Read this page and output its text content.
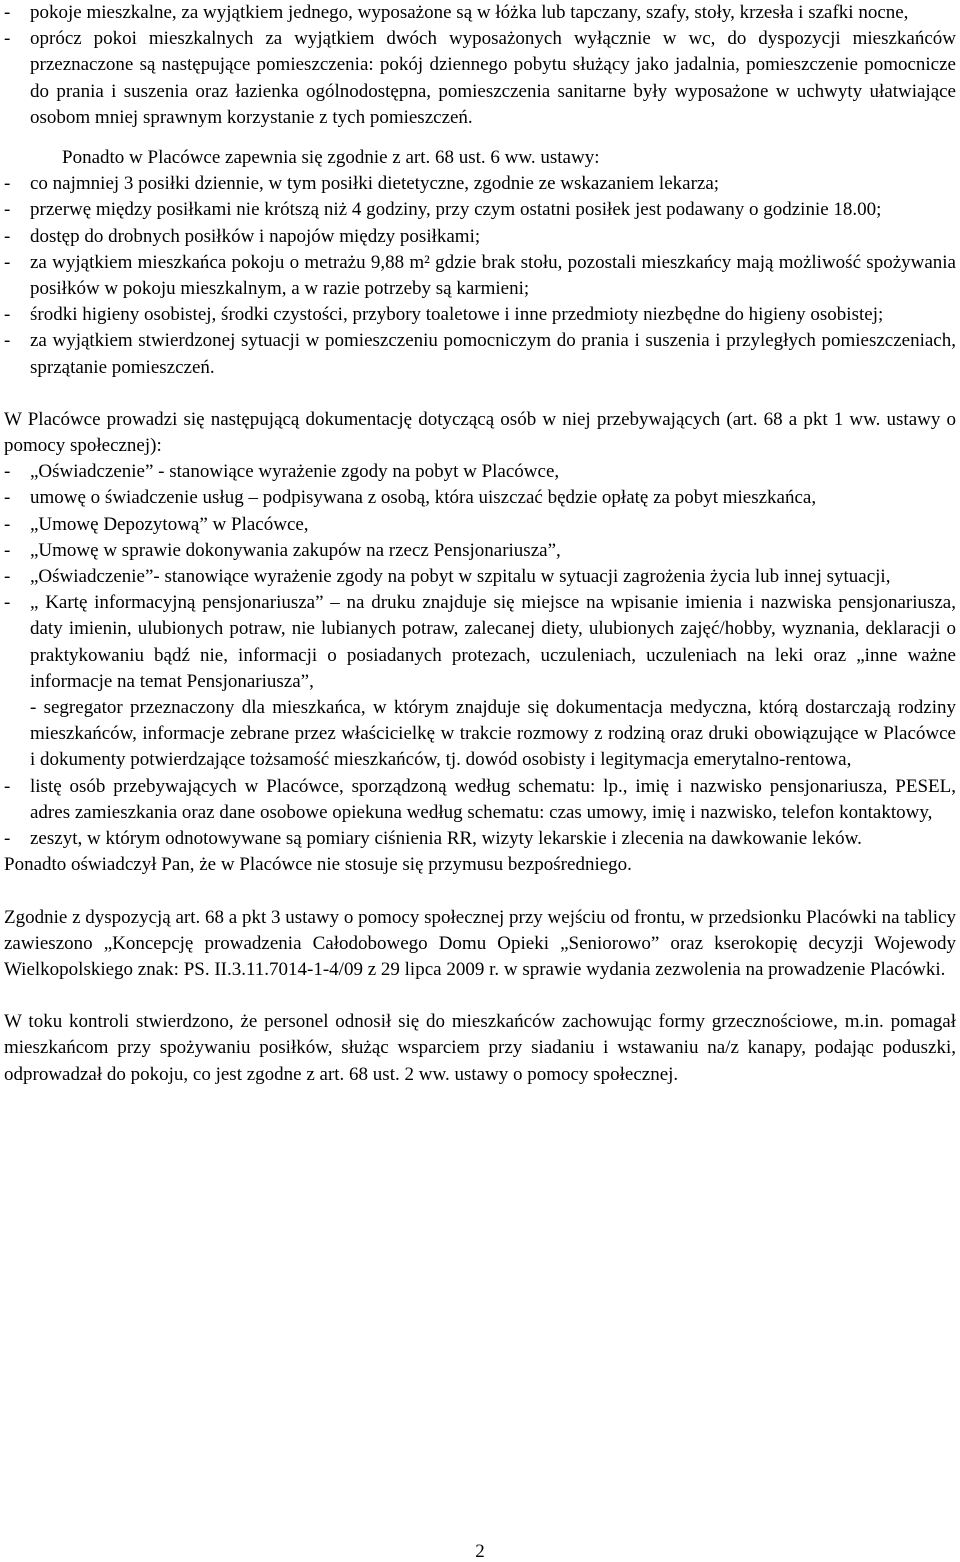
-	pokoje mieszkalne, za wyjątkiem jednego, wyposażone są w łóżka lub tapczany, szafy, stoły, krzesła i szafki nocne,
-	oprócz pokoi mieszkalnych za wyjątkiem dwóch wyposażonych wyłącznie w wc, do dyspozycji mieszkańców przeznaczone są następujące pomieszczenia: pokój dziennego pobytu służący jako jadalnia, pomieszczenie pomocnicze do prania i suszenia oraz łazienka ogólnodostępna, pomieszczenia sanitarne były wyposażone w uchwyty ułatwiające osobom mniej sprawnym korzystanie z tych pomieszczeń.

Ponadto w Placówce zapewnia się zgodnie z art. 68 ust. 6 ww. ustawy:

-	co najmniej 3 posiłki dziennie, w tym posiłki dietetyczne, zgodnie ze wskazaniem lekarza;
-	przerwę między posiłkami nie krótszą niż 4 godziny, przy czym ostatni posiłek jest podawany o godzinie 18.00;
-	dostęp do drobnych posiłków i napojów między posiłkami;
-	za wyjątkiem mieszkańca pokoju o metrażu 9,88 m² gdzie brak stołu, pozostali mieszkańcy mają możliwość spożywania posiłków w pokoju mieszkalnym, a w razie potrzeby są karmieni;
-	środki higieny osobistej, środki czystości, przybory toaletowe i inne przedmioty niezbędne do higieny osobistej;
-	za wyjątkiem stwierdzonej sytuacji w pomieszczeniu pomocniczym do prania i suszenia i przyległych pomieszczeniach, sprzątanie pomieszczeń.

W Placówce prowadzi się następującą dokumentację dotyczącą osób w niej przebywających (art. 68 a pkt 1 ww. ustawy o pomocy społecznej):

-	„Oświadczenie” - stanowiące wyrażenie zgody na pobyt w Placówce,
-	umowę o świadczenie usług – podpisywana z osobą, która uiszczać będzie opłatę za pobyt mieszkańca,
-	„Umowę Depozytową” w Placówce,
-	„Umowę w sprawie dokonywania zakupów na rzecz Pensjonariusza”,
-	„Oświadczenie”- stanowiące wyrażenie zgody na pobyt w szpitalu w sytuacji zagrożenia życia lub innej sytuacji,
-	„ Kartę informacyjną pensjonariusza” – na druku znajduje się miejsce na wpisanie imienia i nazwiska pensjonariusza, daty imienin, ulubionych potraw, nie lubianych potraw, zalecanej diety, ulubionych zajęć/hobby, wyznania, deklaracji o praktykowaniu bądź nie, informacji o posiadanych protezach, uczuleniach, uczuleniach na leki oraz „inne ważne informacje na temat Pensjonariusza”,

- segregator przeznaczony dla mieszkańca, w którym znajduje się dokumentacja medyczna, którą dostarczają rodziny mieszkańców, informacje zebrane przez właścicielkę w trakcie rozmowy z rodziną oraz druki obowiązujące w Placówce i dokumenty potwierdzające tożsamość mieszkańców, tj. dowód osobisty i legitymacja emerytalno-rentowa,

-	listę osób przebywających w Placówce, sporządzoną według schematu: lp., imię i nazwisko pensjonariusza, PESEL, adres zamieszkania oraz dane osobowe opiekuna według schematu: czas umowy, imię i nazwisko, telefon kontaktowy,
-	zeszyt, w którym odnotowywane są pomiary ciśnienia RR, wizyty lekarskie i zlecenia na dawkowanie leków.

Ponadto oświadczył Pan, że w Placówce nie stosuje się przymusu bezpośredniego.

Zgodnie z dyspozycją art. 68 a pkt 3 ustawy o pomocy społecznej przy wejściu od frontu, w przedsionku Placówki na tablicy zawieszono „Koncepcję prowadzenia Całodobowego Domu Opieki „Seniorowo” oraz kserokopię decyzji Wojewody Wielkopolskiego znak: PS. II.3.11.7014-1-4/09 z 29 lipca 2009 r. w sprawie wydania zezwolenia na prowadzenie Placówki.

W toku kontroli stwierdzono, że personel odnosił się do mieszkańców zachowując formy grzecznościowe, m.in. pomagał mieszkańcom przy spożywaniu posiłków, służąc wsparciem przy siadaniu i wstawaniu na/z kanapy, podając poduszki, odprowadzał do pokoju, co jest zgodne z art. 68 ust. 2 ww. ustawy o pomocy społecznej.

2
